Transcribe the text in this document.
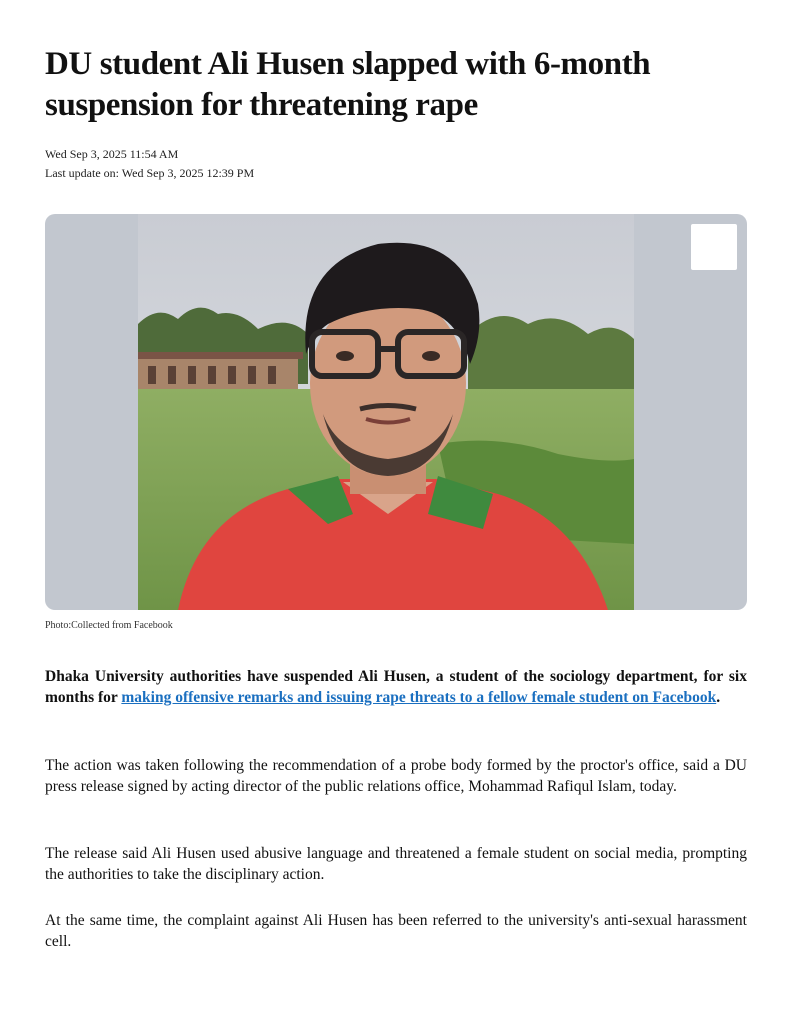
DU student Ali Husen slapped with 6-month suspension for threatening rape
Wed Sep 3, 2025 11:54 AM
Last update on: Wed Sep 3, 2025 12:39 PM
Photo:Collected from Facebook

Dhaka University authorities have suspended Ali Husen, a student of the sociology department, for six months for making offensive remarks and issuing rape threats to a fellow female student on Facebook.

The action was taken following the recommendation of a probe body formed by the proctor's office, said a DU press release signed by acting director of the public relations office, Mohammad Rafiqul Islam, today.

The release said Ali Husen used abusive language and threatened a female student on social media, prompting the authorities to take the disciplinary action.

At the same time, the complaint against Ali Husen has been referred to the university's anti-sexual harassment cell.
